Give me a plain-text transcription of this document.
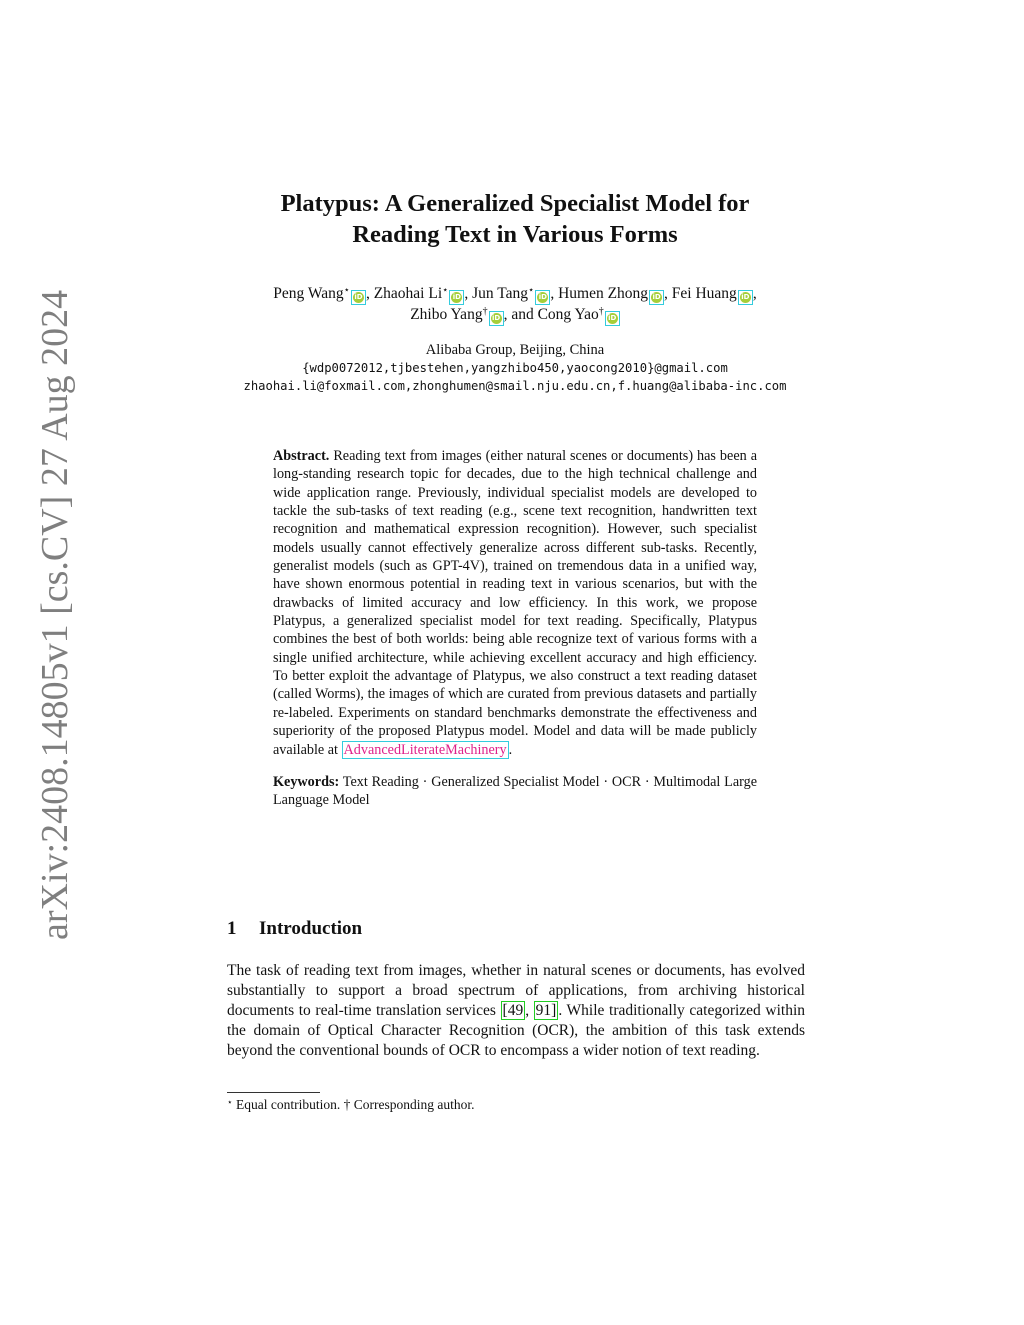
arXiv:2408.14805v1 [cs.CV] 27 Aug 2024
Platypus: A Generalized Specialist Model for
Reading Text in Various Forms
Peng Wang⋆
iD , Zhaohai Li⋆
iD , Jun Tang⋆
iD , Humen Zhong iD , Fei Huang iD ,
Zhibo Yang†
iD , and Cong Yao†
iD
Alibaba Group, Beijing, China
{wdp0072012,tjbestehen,yangzhibo450,yaocong2010}@gmail.com
zhaohai.li@foxmail.com,zhonghumen@smail.nju.edu.cn,f.huang@alibaba-inc.com

Abstract. Reading text from images (either natural scenes or documents) has been a long-standing research topic for decades, due to the high technical challenge and wide application range. Previously, individual specialist models are developed to tackle the sub-tasks of text reading (e.g., scene text recognition, handwritten text recognition and mathematical expression recognition). However, such specialist models usually cannot effectively generalize across different sub-tasks. Recently, generalist models (such as GPT-4V), trained on tremendous data in a unified way, have shown enormous potential in reading text in various scenarios, but with the drawbacks of limited accuracy and low efficiency. In this work, we propose Platypus, a generalized specialist model for text reading. Specifically, Platypus combines the best of both worlds: being able recognize text of various forms with a single unified architecture, while achieving excellent accuracy and high efficiency. To better exploit the advantage of Platypus, we also construct a text reading dataset (called Worms), the images of which are curated from previous datasets and partially re-labeled. Experiments on standard benchmarks demonstrate the effectiveness and superiority of the proposed Platypus model. Model and data will be made publicly available at AdvancedLiterateMachinery .

Keywords: Text Reading · Generalized Specialist Model · OCR · Multimodal Large Language Model

1 Introduction

The task of reading text from images, whether in natural scenes or documents, has evolved substantially to support a broad spectrum of applications, from archiving historical documents to real-time translation services [49 , 91] . While traditionally categorized within the domain of Optical Character Recognition (OCR), the ambition of this task extends beyond the conventional bounds of OCR to encompass a wider notion of text reading.

⋆ Equal contribution. † Corresponding author.
